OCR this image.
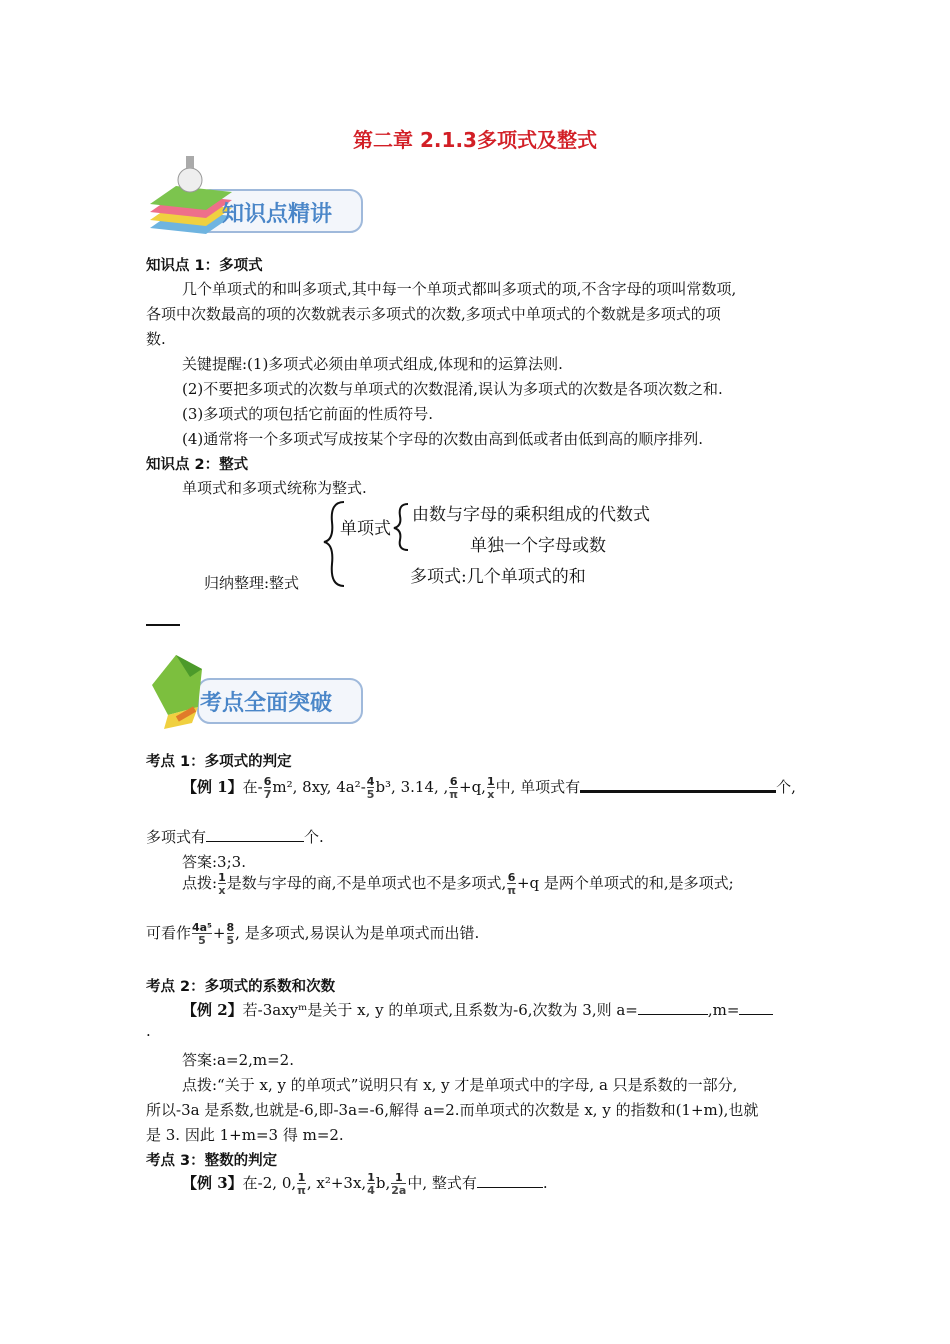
第二章 2.1.3多项式及整式
知识点精讲
知识点 1：多项式
几个单项式的和叫多项式,其中每一个单项式都叫多项式的项,不含字母的项叫常数项,
各项中次数最高的项的次数就表示多项式的次数,多项式中单项式的个数就是多项式的项
数.
关键提醒:(1)多项式必须由单项式组成,体现和的运算法则.
(2)不要把多项式的次数与单项式的次数混淆,误认为多项式的次数是各项次数之和.
(3)多项式的项包括它前面的性质符号.
(4)通常将一个多项式写成按某个字母的次数由高到低或者由低到高的顺序排列.
知识点 2：整式
单项式和多项式统称为整式.
单项式
由数与字母的乘积组成的代数式
单独一个字母或数
多项式:几个单项式的和
归纳整理:整式
考点全面突破
考点 1：多项式的判定
【例 1】在- $\frac{6}{7} m^2$, 8xy, $4a^2- \frac{4}{5} b^3$, 3.14, , $\frac{6}{\pi} +q$, $\frac{1}{x}$ 中, 单项式有	个,
多项式有	个.
答案:3;3.
点拨: $\frac{1}{x}$ 是数与字母的商,不是单项式也不是多项式, $\frac{6}{\pi} +q$ 是两个单项式的和,是多项式;
可看作 $\frac{\text{4a⁵}}{5} + \frac{8}{5}$ , 是多项式,易误认为是单项式而出错.
考点 2：多项式的系数和次数
【例 2】若-3axyᵐ是关于 x, y 的单项式,且系数为-6,次数为 3,则 a=	,m=
.
答案:a=2,m=2.
点拨:“关于 x, y 的单项式”说明只有 x, y 才是单项式中的字母, a 只是系数的一部分,
所以-3a 是系数,也就是-6,即-3a=-6,解得 a=2.而单项式的次数是 x, y 的指数和(1+m),也就
是 3. 因此 1+m=3 得 m=2.
考点 3：整数的判定
【例 3】在-2, 0, $\frac{1}{\pi}$ , x²+3x, $\frac{1}{4} b$, $\frac{1}{2a}$ 中, 整式有	.
